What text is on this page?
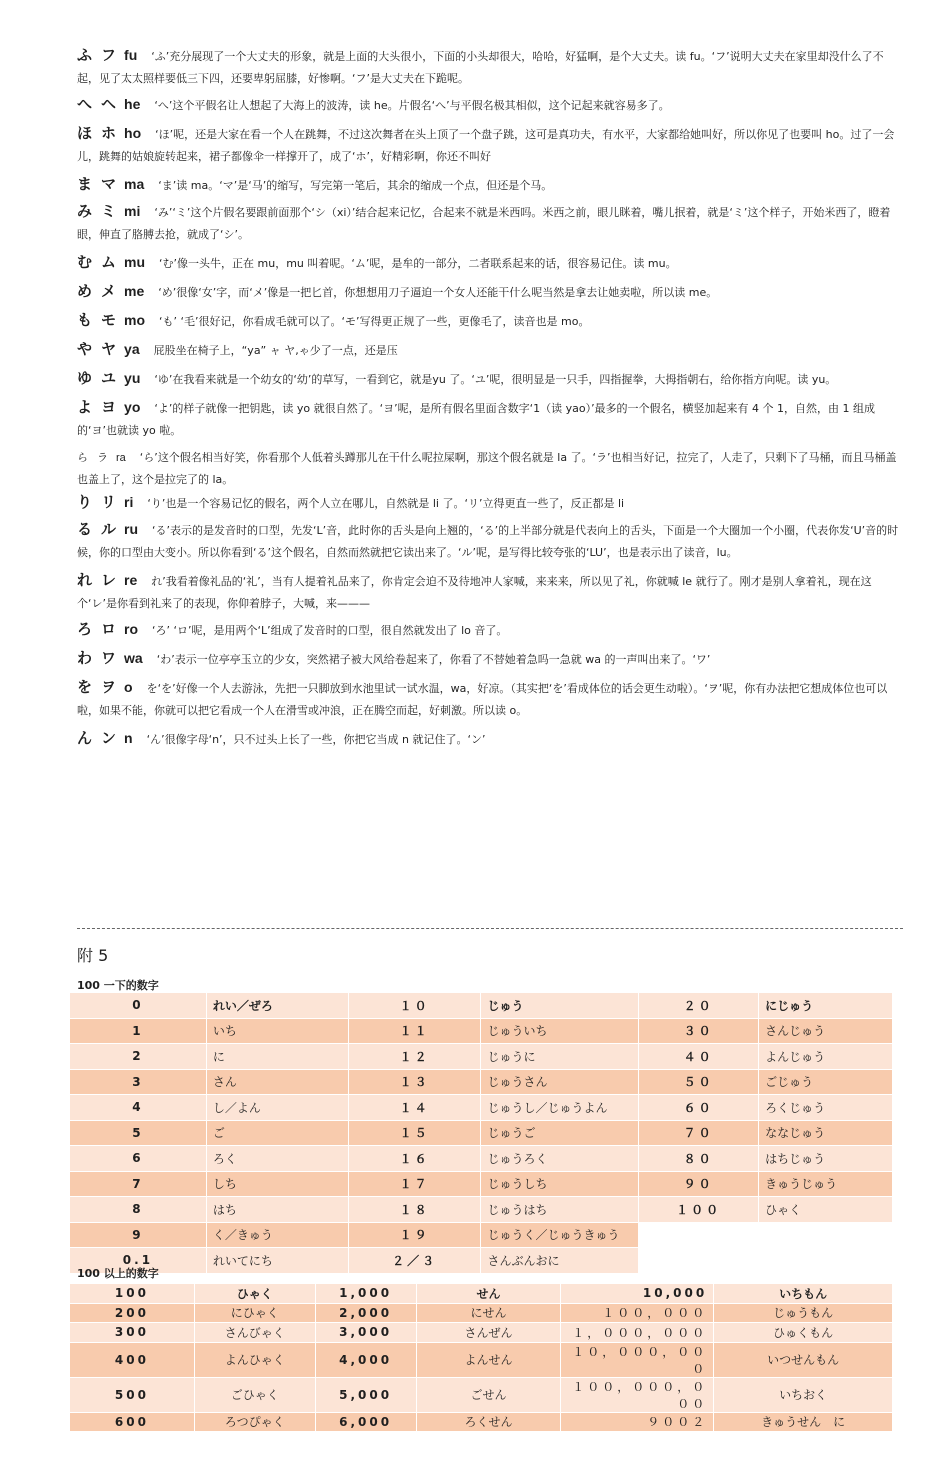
ふ フ fu ‘ふ’充分展现了一个大丈夫的形象，就是上面的大头很小，下面的小头却很大，哈哈，好猛啊，是个大丈夫。读 fu。‘フ’说明大丈夫在家里却没什么了不起，见了太太照样要低三下四，还要卑躬屈膝，好惨啊。‘フ’是大丈夫在下跪呢。
へ ヘ he ‘へ’这个平假名让人想起了大海上的波涛，读 he。片假名‘へ’与平假名极其相似，这个记起来就容易多了。
ほ ホ ho ‘ほ’呢，还是大家在看一个人在跳舞，不过这次舞者在头上顶了一个盘子跳，这可是真功夫，有水平，大家都给她叫好，所以你见了也要叫 ho。过了一会儿，跳舞的姑娘旋转起来，裙子都像伞一样撑开了，成了‘ホ’，好精彩啊，你还不叫好
ま マ ma ‘ま’读 ma。‘マ’是‘马’的缩写，写完第一笔后，其余的缩成一个点，但还是个马。
み ミ mi ‘み’‘ミ’这个片假名要跟前面那个‘シ（xi）’结合起来记忆，合起来不就是米西吗。米西之前，眼儿眯着，嘴儿抿着，就是‘ミ’这个样子，开始米西了，瞪着眼，伸直了胳膊去抢，就成了‘シ’。
む ム mu ‘む’像一头牛，正在 mu，mu 叫着呢。‘ム’呢，是牟的一部分，二者联系起来的话，很容易记住。读 mu。
め メ me ‘め’很像‘女’字，而‘メ’像是一把匕首，你想想用刀子逼迫一个女人还能干什么呢当然是拿去让她卖啦，所以读 me。
も モ mo ‘も’ ‘毛’很好记，你看成毛就可以了。‘モ’写得更正规了一些，更像毛了，读音也是 mo。
や ヤ ya 屁股坐在椅子上，“ya” ャ ヤ,ゃ少了一点，还是压
ゆ ユ yu ‘ゆ’在我看来就是一个幼女的‘幼’的草写，一看到它，就是yu 了。‘ユ’呢，很明显是一只手，四指握拳，大拇指朝右，给你指方向呢。读 yu。
よ ヨ yo ‘よ’的样子就像一把钥匙，读 yo 就很自然了。‘ヨ’呢，是所有假名里面含数字‘1（读 yao）’最多的一个假名，横竖加起来有 4 个 1，自然，由 1 组成的‘ヨ’也就读 yo 啦。
ら ラ ra ‘ら’这个假名相当好笑，你看那个人低着头蹲那儿在干什么呢拉屎啊，那这个假名就是 la 了。‘ラ’也相当好记，拉完了，人走了，只剩下了马桶，而且马桶盖也盖上了，这个是拉完了的 la。
り リ ri ‘り’也是一个容易记忆的假名，两个人立在哪儿，自然就是 li 了。‘リ’立得更直一些了，反正都是 li
る ル ru ‘る’表示的是发音时的口型，先发‘L’音，此时你的舌头是向上翘的，‘る’的上半部分就是代表向上的舌头，下面是一个大圈加一个小圈，代表你发‘U’音的时候，你的口型由大变小。所以你看到‘る’这个假名，自然而然就把它读出来了。‘ル’呢，是写得比较夸张的‘LU’，也是表示出了读音，lu。
れ レ re れ’我看着像礼品的‘礼’，当有人提着礼品来了，你肯定会迫不及待地冲人家喊，来来来，所以见了礼，你就喊 le 就行了。刚才是别人拿着礼，现在这个‘レ’是你看到礼来了的表现，你仰着脖子，大喊，来———
ろ ロ ro ‘ろ’ ‘ロ’呢，是用两个‘L’组成了发音时的口型，很自然就发出了 lo 音了。
わ ワ wa ‘わ’表示一位亭亭玉立的少女，突然裙子被大风给卷起来了，你看了不替她着急吗一急就 wa 的一声叫出来了。‘ワ’
を ヲ o を‘を’好像一个人去游泳，先把一只脚放到水池里试一试水温，wa，好凉。（其实把‘を’看成体位的话会更生动啦）。‘ヲ’呢，你有办法把它想成体位也可以啦，如果不能，你就可以把它看成一个人在滑雪或冲浪，正在腾空而起，好刺激。所以读 o。
ん ン n ‘ん’很像字母‘n’，只不过头上长了一些，你把它当成 n 就记住了。‘ン’
附 5
100 一下的数字
0	れい／ぜろ	１０	じゅう	２０	にじゅう
1	いち	１１	じゅういち	３０	さんじゅう
2	に	１２	じゅうに	４０	よんじゅう
3	さん	１３	じゅうさん	５０	ごじゅう
4	し／よん	１４	じゅうし／じゅうよん	６０	ろくじゅう
5	ご	１５	じゅうご	７０	ななじゅう
6	ろく	１６	じゅうろく	８０	はちじゅう
7	しち	１７	じゅうしち	９０	きゅうじゅう
8	はち	１８	じゅうはち	１００	ひゃく
9	く／きゅう	１９	じゅうく／じゅうきゅう		
0.1	れいてにち	２／３	さんぶんおに		
100 以上的数字
100	ひゃく	1,000	せん	10,000	いちもん
200	にひゃく	2,000	にせん	１００，０００	じゅうもん
300	さんびゃく	3,000	さんぜん	１，０００，０００	ひゅくもん
400	よんひゃく	4,000	よんせん	１０，０００，０００	いつせんもん
500	ごひゃく	5,000	ごせん	１００，０００，０００	いちおく
600	ろつぴゃく	6,000	ろくせん	９００２	きゅうせん　に
